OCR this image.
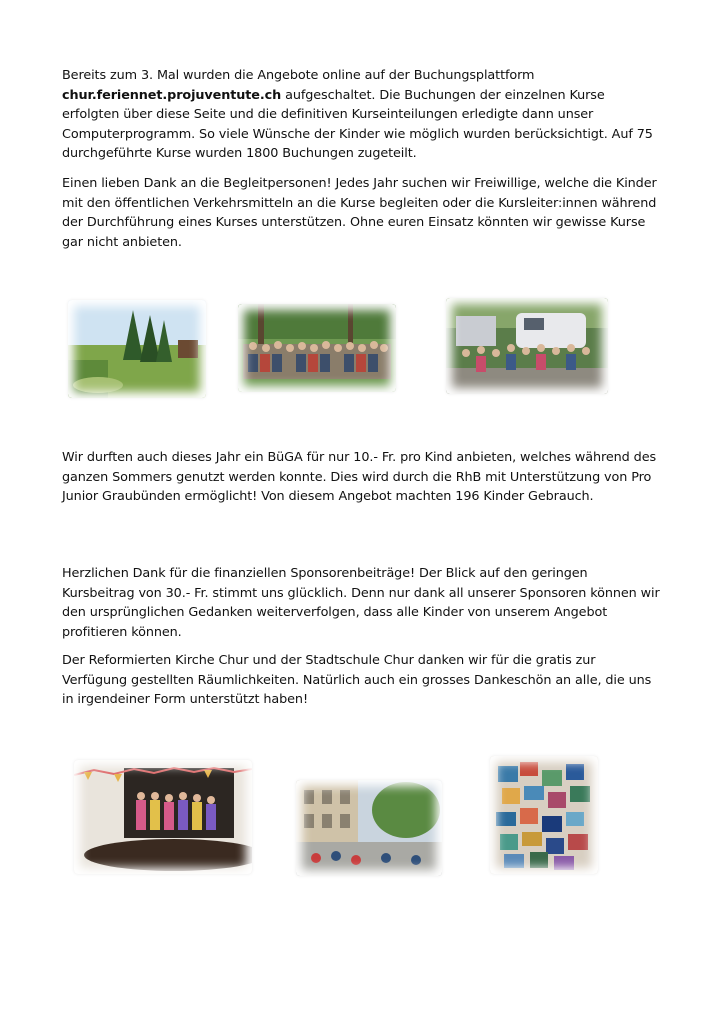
Bereits zum 3. Mal wurden die Angebote online auf der Buchungsplattform
chur.feriennet.projuventute.ch aufgeschaltet. Die Buchungen der einzelnen Kurse erfolgten über diese Seite und die definitiven Kurseinteilungen erledigte dann unser Computerprogramm. So viele Wünsche der Kinder wie möglich wurden berücksichtigt. Auf 75 durchgeführte Kurse wurden 1800 Buchungen zugeteilt.

Einen lieben Dank an die Begleitpersonen! Jedes Jahr suchen wir Freiwillige, welche die Kinder mit den öffentlichen Verkehrsmitteln an die Kurse begleiten oder die Kursleiter:innen während der Durchführung eines Kurses unterstützen. Ohne euren Einsatz könnten wir gewisse Kurse gar nicht anbieten.

Wir durften auch dieses Jahr ein BüGA für nur 10.- Fr. pro Kind anbieten, welches während des ganzen Sommers genutzt werden konnte. Dies wird durch die RhB mit Unterstützung von Pro Junior Graubünden ermöglicht! Von diesem Angebot machten 196 Kinder Gebrauch.

Herzlichen Dank für die finanziellen Sponsorenbeiträge! Der Blick auf den geringen Kursbeitrag von 30.- Fr. stimmt uns glücklich. Denn nur dank all unserer Sponsoren können wir den ursprünglichen Gedanken weiterverfolgen, dass alle Kinder von unserem Angebot profitieren können.

Der Reformierten Kirche Chur und der Stadtschule Chur danken wir für die gratis zur Verfügung gestellten Räumlichkeiten. Natürlich auch ein grosses Dankeschön an alle, die uns in irgendeiner Form unterstützt haben!
